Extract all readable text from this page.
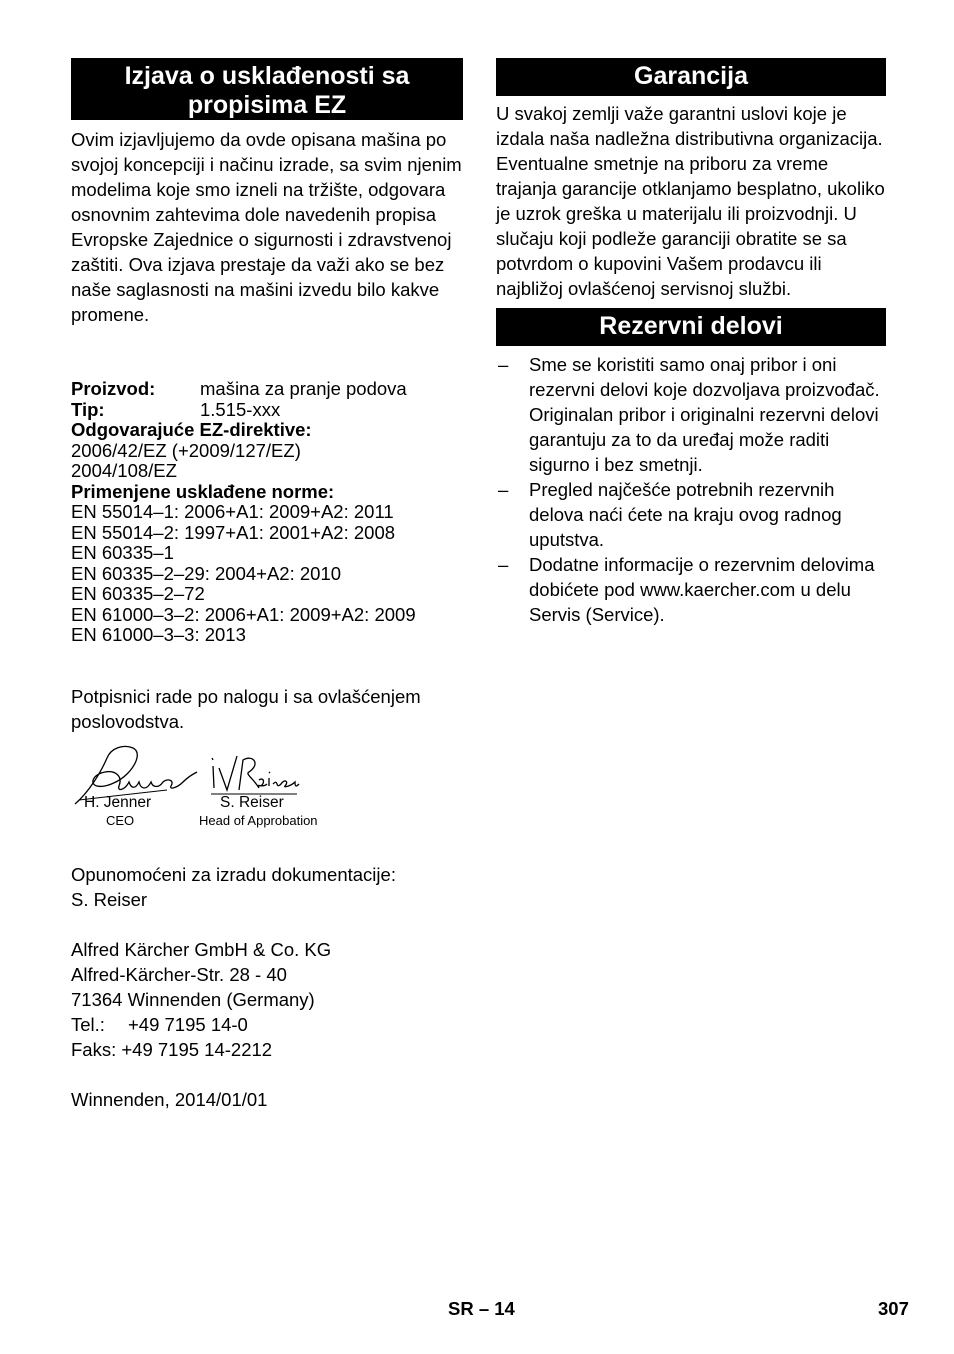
Izjava o usklađenosti sa propisima EZ

Ovim izjavljujemo da ovde opisana mašina po svojoj koncepciji i načinu izrade, sa svim njenim modelima koje smo izneli na tržište, odgovara osnovnim zahtevima dole navedenih propisa Evropske Zajednice o sigurnosti i zdravstvenoj zaštiti. Ova izjava prestaje da važi ako se bez naše saglasnosti na mašini izvedu bilo kakve promene.

Proizvod:	mašina za pranje podova
Tip:	1.515-xxx
Odgovarajuće EZ-direktive:
2006/42/EZ (+2009/127/EZ)
2004/108/EZ
Primenjene usklađene norme:
EN 55014–1: 2006+A1: 2009+A2: 2011
EN 55014–2: 1997+A1: 2001+A2: 2008
EN 60335–1
EN 60335–2–29: 2004+A2: 2010
EN 60335–2–72
EN 61000–3–2: 2006+A1: 2009+A2: 2009
EN 61000–3–3: 2013

Potpisnici rade po nalogu i sa ovlašćenjem poslovodstva.

H. Jenner
CEO
S. Reiser
Head of Approbation
Opunomoćeni za izradu dokumentacije:
S. Reiser
Alfred Kärcher GmbH & Co. KG
Alfred-Kärcher-Str. 28 - 40
71364 Winnenden (Germany)
Tel.: +49 7195 14-0
Faks: +49 7195 14-2212
Winnenden, 2014/01/01
Garancija

U svakoj zemlji važe garantni uslovi koje je izdala naša nadležna distributivna organizacija. Eventualne smetnje na priboru za vreme trajanja garancije otklanjamo besplatno, ukoliko je uzrok greška u materijalu ili proizvodnji. U slučaju koji podleže garanciji obratite se sa potvrdom o kupovini Vašem prodavcu ili najbližoj ovlašćenoj servisnoj službi.

Rezervni delovi
– Sme se koristiti samo onaj pribor i oni rezervni delovi koje dozvoljava proizvođač. Originalan pribor i originalni rezervni delovi garantuju za to da uređaj može raditi sigurno i bez smetnji.
– Pregled najčešće potrebnih rezervnih delova naći ćete na kraju ovog radnog uputstva.
– Dodatne informacije o rezervnim delovima dobićete pod www.kaercher.com u delu Servis (Service).
SR – 14	307
